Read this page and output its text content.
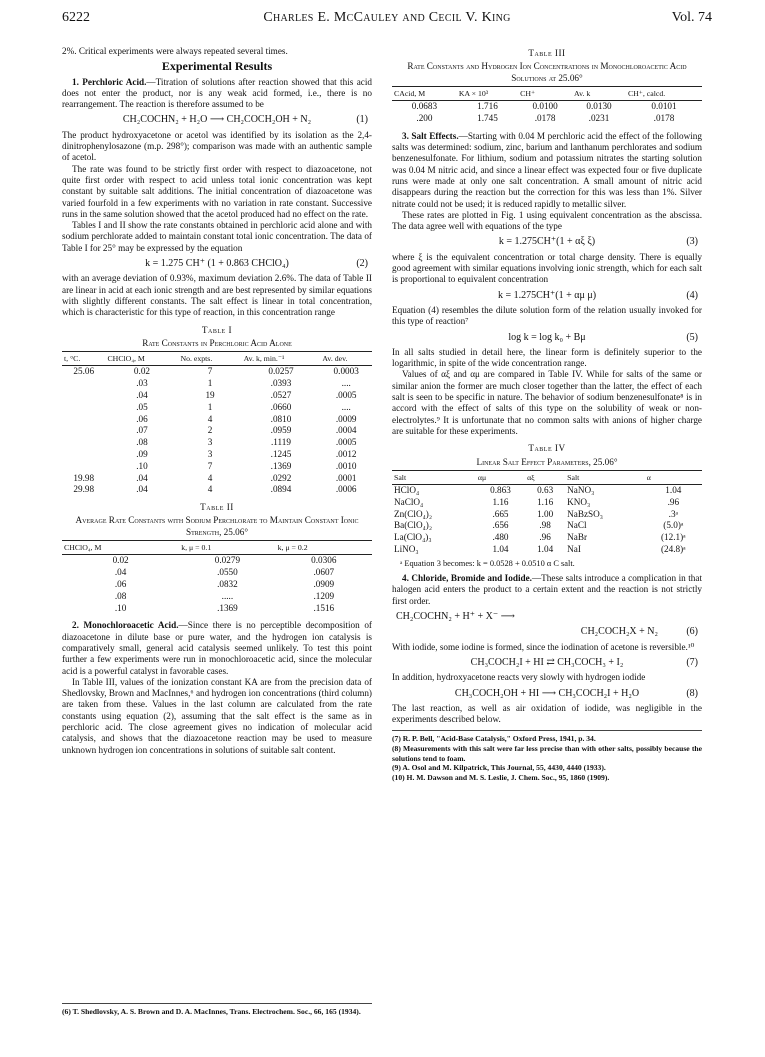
6222	Charles E. McCauley and Cecil V. King	Vol. 74

2%. Critical experiments were always repeated several times.

Experimental Results

1. Perchloric Acid.—Titration of solutions after reaction showed that this acid does not enter the product, nor is any weak acid formed, i.e., there is no rearrangement. The reaction is therefore assumed to be

CH₂COCHN₂ + H₂O ⟶ CH₂COCH₂OH + N₂	(1)

The product hydroxyacetone or acetol was identified by its isolation as the 2,4-dinitrophenylosazone (m.p. 298°); comparison was made with an authentic sample of acetol.

The rate was found to be strictly first order with respect to diazoacetone, not quite first order with respect to acid unless total ionic concentration was kept constant by suitable salt additions. The initial concentration of diazoacetone was varied fourfold in a few experiments with no variation in rate constant. Successive runs in the same solution showed that the acetol produced had no effect on the rate.

Tables I and II show the rate constants obtained in perchloric acid alone and with sodium perchlorate added to maintain constant total ionic concentration. The data of Table I for 25° may be expressed by the equation

k = 1.275 CH⁺ (1 + 0.863 CHClO₄)	(2)

with an average deviation of 0.93%, maximum deviation 2.6%. The data of Table II are linear in acid at each ionic strength and are best represented by similar equations with slightly different constants. The salt effect is linear in total concentration, which is characteristic for this type of reaction, in this concentration range

Table I
Rate Constants in Perchloric Acid Alone
t, °C.	CHClO₄, M	No. expts.	Av. k, min.⁻¹	Av. dev.
25.06	0.02	7	0.0257	0.0003
	.03	1	.0393	....
	.04	19	.0527	.0005
	.05	1	.0660	....
	.06	4	.0810	.0009
	.07	2	.0959	.0004
	.08	3	.1119	.0005
	.09	3	.1245	.0012
	.10	7	.1369	.0010
19.98	.04	4	.0292	.0001
29.98	.04	4	.0894	.0006
Table II
Average Rate Constants with Sodium Perchlorate to Maintain Constant Ionic Strength, 25.06°
CHClO₄, M	k, μ = 0.1	k, μ = 0.2
0.02	0.0279	0.0306
.04	.0550	.0607
.06	.0832	.0909
.08	.....	.1209
.10	.1369	.1516

2. Monochloroacetic Acid.—Since there is no perceptible decomposition of diazoacetone in dilute base or pure water, and the hydrogen ion catalysis is comparatively small, general acid catalysis seemed unlikely. To test this point further a few experiments were run in monochloroacetic acid, since the molecular acid is a powerful catalyst in favorable cases.

In Table III, values of the ionization constant KA are from the precision data of Shedlovsky, Brown and MacInnes,⁶ and hydrogen ion concentrations (third column) are taken from these. Values in the last column are calculated from the rate constants using equation (2), assuming that the salt effect is the same as in perchloric acid. The close agreement gives no indication of molecular acid catalysis, and shows that the diazoacetone reaction may be used to measure unknown hydrogen ion concentrations in solutions of suitable salt content.

(6) T. Shedlovsky, A. S. Brown and D. A. MacInnes, Trans. Electrochem. Soc., 66, 165 (1934).
Table III
Rate Constants and Hydrogen Ion Concentrations in Monochloroacetic Acid Solutions at 25.06°
CAcid, M	KA × 10³	CH⁺	Av. k	CH⁺, calcd.
0.0683	1.716	0.0100	0.0130	0.0101
.200	1.745	.0178	.0231	.0178

3. Salt Effects.—Starting with 0.04 M perchloric acid the effect of the following salts was determined: sodium, zinc, barium and lanthanum perchlorates and sodium benzenesulfonate. For lithium, sodium and potassium nitrates the starting solution was 0.04 M nitric acid, and since a linear effect was expected four or five duplicate runs were made at only one salt concentration. A small amount of nitric acid disappears during the reaction but the correction for this was less than 1%. Silver nitrate could not be used; it is reduced rapidly to metallic silver.

These rates are plotted in Fig. 1 using equivalent concentration as the abscissa. The data agree well with equations of the type

k = 1.275CH⁺(1 + αξ ξ)	(3)

where ξ is the equivalent concentration or total charge density. There is equally good agreement with similar equations involving ionic strength, which for each salt is proportional to equivalent concentration

k = 1.275CH⁺(1 + αμ μ)	(4)

Equation (4) resembles the dilute solution form of the relation usually invoked for this type of reaction⁷

log k = log k₀ + Bμ	(5)

In all salts studied in detail here, the linear form is definitely superior to the logarithmic, in spite of the wide concentration range.

Values of αξ and αμ are compared in Table IV. While for salts of the same or similar anion the former are much closer together than the latter, the effect of each salt is seen to be specific in nature. The behavior of sodium benzenesulfonate⁸ is in accord with the effect of salts of this type on the solubility of weak or non-electrolytes.⁹ It is unfortunate that no common salts with anions of higher charge are suitable for these experiments.

Table IV
Linear Salt Effect Parameters, 25.06°
Salt	αμ	αξ	Salt	α
HClO₄	0.863	0.63	NaNO₃	1.04
NaClO₄	1.16	1.16	KNO₃	.96
Zn(ClO₄)₂	.665	1.00	NaBzSO₃	.3ᵃ
Ba(ClO₄)₂	.656	.98	NaCl	(5.0)ᵃ
La(ClO₄)₃	.480	.96	NaBr	(12.1)ᵃ
LiNO₃	1.04	1.04	NaI	(24.8)ᵃ
ᵃ Equation 3 becomes: k = 0.0528 + 0.0510 α C salt.

4. Chloride, Bromide and Iodide.—These salts introduce a complication in that halogen acid enters the product to a certain extent and the reaction is not strictly first order.

CH₂COCHN₂ + H⁺ + X⁻ ⟶
CH₂COCH₂X + N₂	(6)

With iodide, some iodine is formed, since the iodination of acetone is reversible.¹⁰

CH₃COCH₂I + HI ⇄ CH₃COCH₃ + I₂	(7)

In addition, hydroxyacetone reacts very slowly with hydrogen iodide

CH₃COCH₂OH + HI ⟶ CH₃COCH₂I + H₂O	(8)

The last reaction, as well as air oxidation of iodide, was negligible in the experiments described below.

(7) R. P. Bell, "Acid-Base Catalysis," Oxford Press, 1941, p. 34.
(8) Measurements with this salt were far less precise than with other salts, possibly because the solutions tend to foam.
(9) A. Osol and M. Kilpatrick, This Journal, 55, 4430, 4440 (1933).
(10) H. M. Dawson and M. S. Leslie, J. Chem. Soc., 95, 1860 (1909).
